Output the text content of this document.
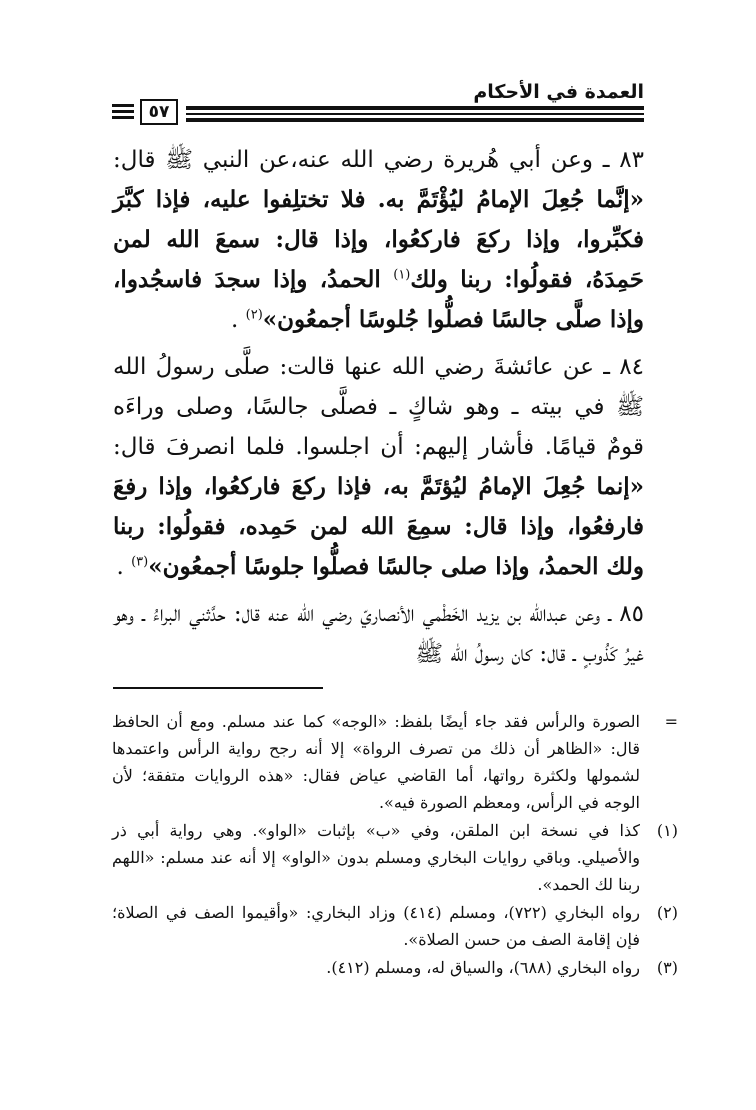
العمدة في الأحكام
٥٧

٨٣ ـ وعن أبي هُريرة رضي الله عنه،عن النبي ﷺ قال: «إنَّما جُعِلَ الإمامُ ليُؤْتَمَّ به. فلا تختلِفوا عليه، فإذا كبَّرَ فكبِّروا، وإذا ركعَ فاركعُوا، وإذا قال: سمعَ الله لمن حَمِدَهُ، فقولُوا: ربنا ولك$^{(١)}$ الحمدُ، وإذا سجدَ فاسجُدوا، وإذا صلَّى جالسًا فصلُّوا جُلوسًا أجمعُون»$^{(٢)}$ .

٨٤ ـ عن عائشةَ رضي الله عنها قالت: صلَّى رسولُ الله ﷺ في بيته ـ وهو شاكٍ ـ فصلَّى جالسًا، وصلى وراءَه قومٌ قيامًا. فأشار إليهم: أن اجلسوا. فلما انصرفَ قال: «إنما جُعِلَ الإمامُ ليُؤتَمَّ به، فإذا ركعَ فاركعُوا، وإذا رفعَ فارفعُوا، وإذا قال: سمِعَ الله لمن حَمِده، فقولُوا: ربنا ولك الحمدُ، وإذا صلى جالسًا فصلُّوا جلوسًا أجمعُون»$^{(٣)}$ .

٨٥ ـ وعن عبدالله بن يزيد الخَطْمي الأنصاريّ رضي الله عنه قال: حدَّثني البراءُ ـ وهو غيرُ كَذُوبٍ ـ قال: كان رسولُ الله ﷺ

=
الصورة والرأس فقد جاء أيضًا بلفظ: «الوجه» كما عند مسلم. ومع أن الحافظ قال: «الظاهر أن ذلك من تصرف الرواة» إلا أنه رجح رواية الرأس واعتمدها لشمولها ولكثرة رواتها، أما القاضي عياض فقال: «هذه الروايات متفقة؛ لأن الوجه في الرأس، ومعظم الصورة فيه».
(١)
كذا في نسخة ابن الملقن، وفي «ب» بإثبات «الواو». وهي رواية أبي ذر والأصيلي. وباقي روايات البخاري ومسلم بدون «الواو» إلا أنه عند مسلم: «اللهم ربنا لك الحمد».
(٢)
رواه البخاري (٧٢٢)، ومسلم (٤١٤) وزاد البخاري: «وأقيموا الصف في الصلاة؛ فإن إقامة الصف من حسن الصلاة».
(٣)
رواه البخاري (٦٨٨)، والسياق له، ومسلم (٤١٢).
